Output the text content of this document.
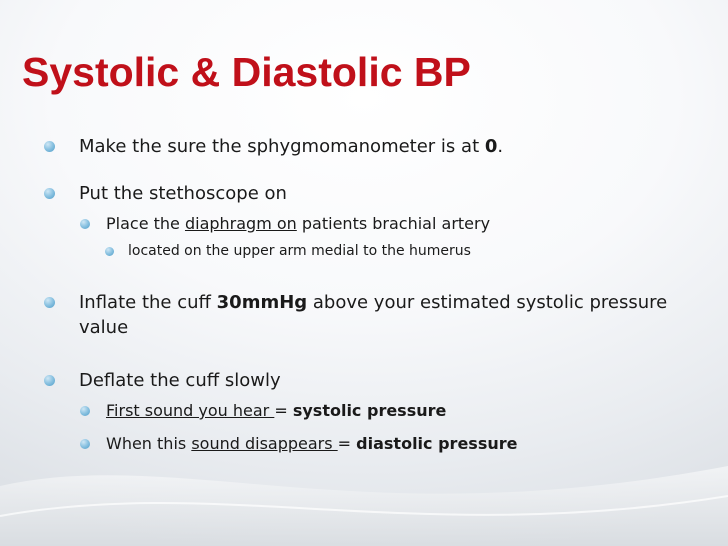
Systolic & Diastolic BP
Make the sure the sphygmomanometer is at 0.
Put the stethoscope on
Place the diaphragm on patients brachial artery
located on the upper arm medial to the humerus
Inflate the cuff 30mmHg above your estimated systolic pressure value
Deflate the cuff slowly
First sound you hear = systolic pressure
When this sound disappears = diastolic pressure
